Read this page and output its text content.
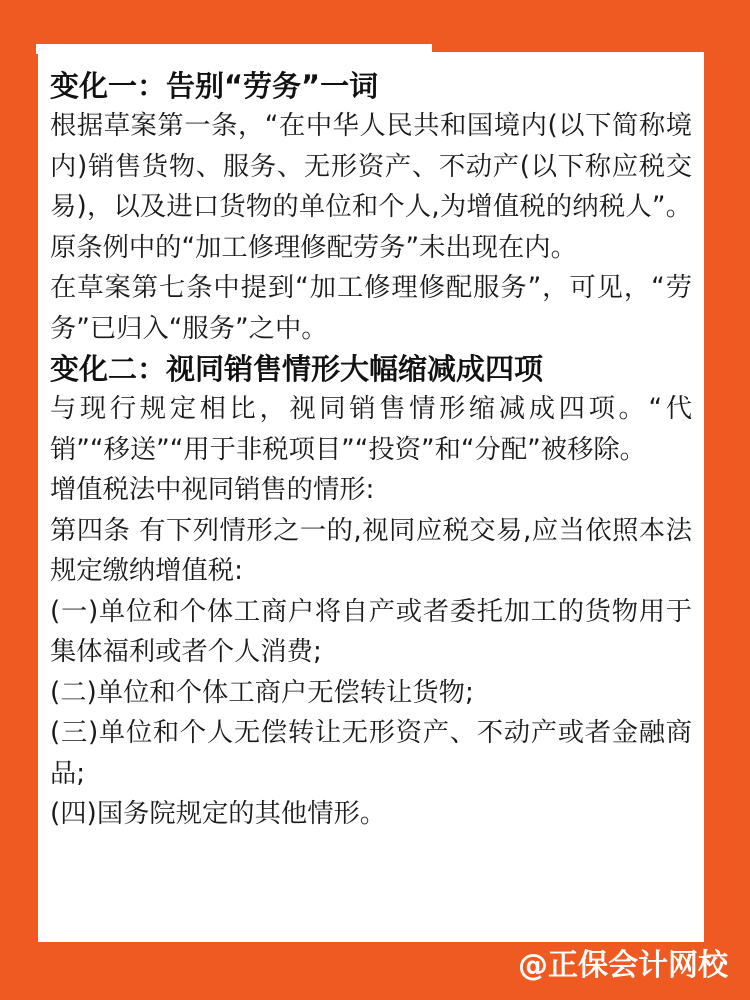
变化一：告别“劳务”一词

根据草案第一条，“在中华人民共和国境内(以下简称境内)销售货物、服务、无形资产、不动产(以下称应税交易)，以及进口货物的单位和个人,为增值税的纳税人”。原条例中的“加工修理修配劳务”未出现在内。

在草案第七条中提到“加工修理修配服务”，可见，“劳务”已归入“服务”之中。

变化二：视同销售情形大幅缩减成四项

与现行规定相比，视同销售情形缩减成四项。“代销”“移送”“用于非税项目”“投资”和“分配”被移除。

增值税法中视同销售的情形:

第四条 有下列情形之一的,视同应税交易,应当依照本法规定缴纳增值税:

(一)单位和个体工商户将自产或者委托加工的货物用于集体福利或者个人消费;

(二)单位和个体工商户无偿转让货物;

(三)单位和个人无偿转让无形资产、不动产或者金融商品;

(四)国务院规定的其他情形。

@正保会计网校
